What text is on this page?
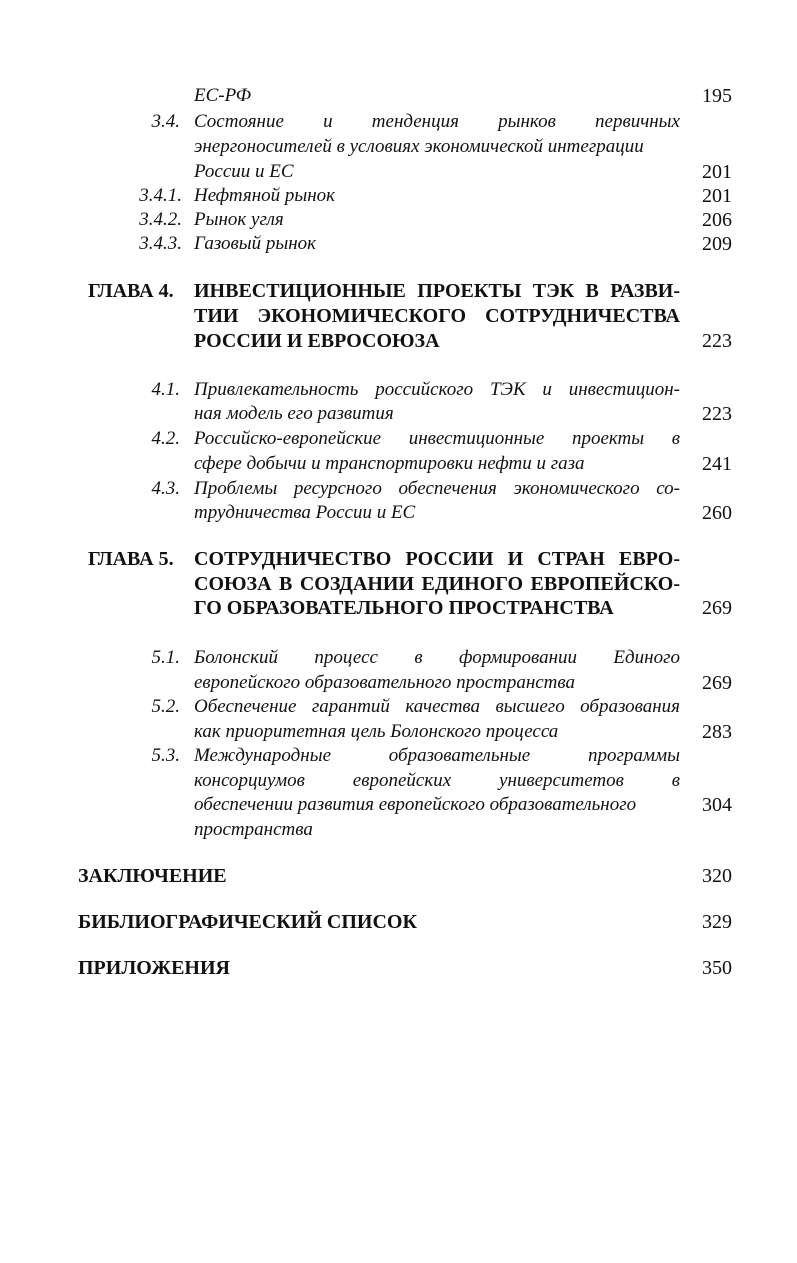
ЕС-РФ	195
3.4. Состояние и тенденция рынков первичных
энергоносителей в условиях экономической интеграции
России и ЕС	201
3.4.1. Нефтяной рынок	201
3.4.2. Рынок угля	206
3.4.3. Газовый рынок	209
ГЛАВА 4. ИНВЕСТИЦИОННЫЕ ПРОЕКТЫ ТЭК В РАЗВИ-
ТИИ ЭКОНОМИЧЕСКОГО СОТРУДНИЧЕСТВА
РОССИИ И ЕВРОСОЮЗА	223
4.1. Привлекательность российского ТЭК и инвестицион-
ная модель его развития	223
4.2. Российско-европейские инвестиционные проекты в
сфере добычи и транспортировки нефти и газа	241
4.3. Проблемы ресурсного обеспечения экономического со-
трудничества России и ЕС	260
ГЛАВА 5. СОТРУДНИЧЕСТВО РОССИИ И СТРАН ЕВРО-
СОЮЗА В СОЗДАНИИ ЕДИНОГО ЕВРОПЕЙСКО-
ГО ОБРАЗОВАТЕЛЬНОГО ПРОСТРАНСТВА	269
5.1. Болонский процесс в формировании Единого
европейского образовательного пространства	269
5.2. Обеспечение гарантий качества высшего образования
как приоритетная цель Болонского процесса	283
5.3. Международные образовательные программы
консорциумов европейских университетов в
обеспечении развития европейского образовательного	304
пространства
ЗАКЛЮЧЕНИЕ	320
БИБЛИОГРАФИЧЕСКИЙ СПИСОК	329
ПРИЛОЖЕНИЯ	350
